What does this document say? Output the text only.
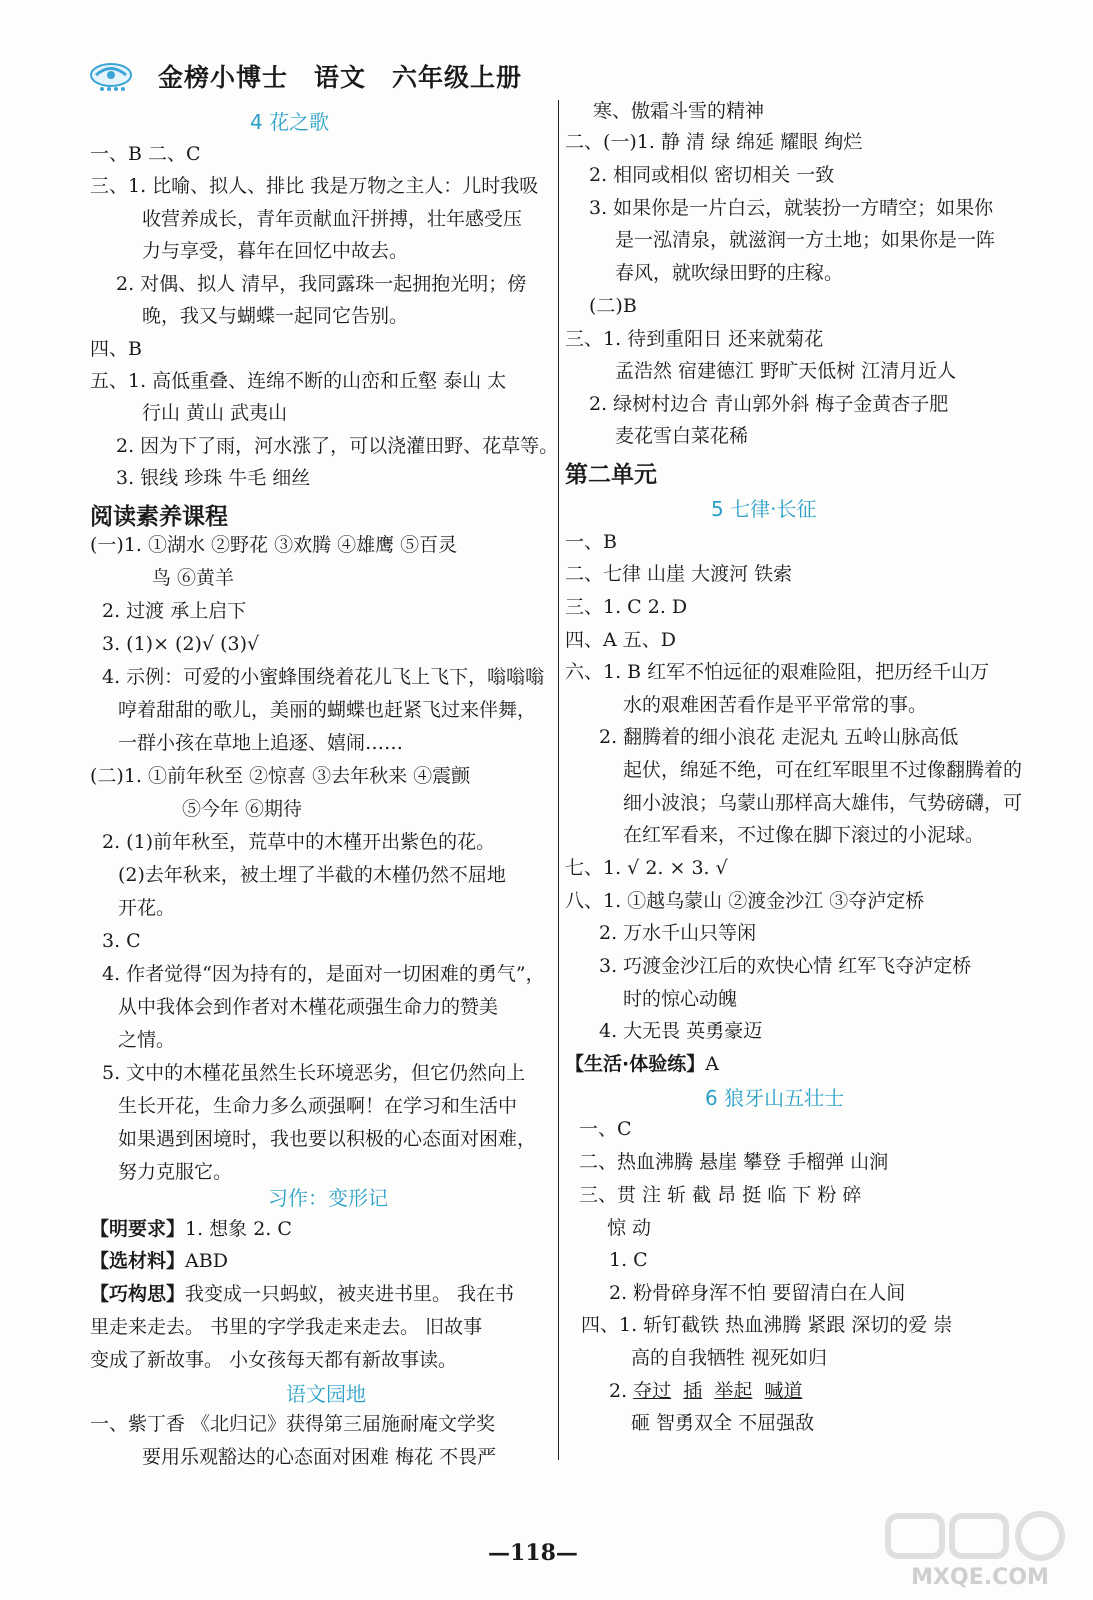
金榜小博士 语文 六年级上册
4 花之歌
一、B 二、C
三、1. 比喻、拟人、排比 我是万物之主人：儿时我吸
收营养成长，青年贡献血汗拼搏，壮年感受压
力与享受，暮年在回忆中故去。
2. 对偶、拟人 清早，我同露珠一起拥抱光明；傍
晚，我又与蝴蝶一起同它告别。
四、B
五、1. 高低重叠、连绵不断的山峦和丘壑 泰山 太
行山 黄山 武夷山
2. 因为下了雨，河水涨了，可以浇灌田野、花草等。
3. 银线 珍珠 牛毛 细丝
阅读素养课程
(一)1. ①湖水 ②野花 ③欢腾 ④雄鹰 ⑤百灵
鸟 ⑥黄羊
2. 过渡 承上启下
3. (1)× (2)√ (3)√
4. 示例：可爱的小蜜蜂围绕着花儿飞上飞下，嗡嗡嗡
哼着甜甜的歌儿，美丽的蝴蝶也赶紧飞过来伴舞，
一群小孩在草地上追逐、嬉闹……
(二)1. ①前年秋至 ②惊喜 ③去年秋来 ④震颤
⑤今年 ⑥期待
2. (1)前年秋至，荒草中的木槿开出紫色的花。
(2)去年秋来，被土埋了半截的木槿仍然不屈地
开花。
3. C
4. 作者觉得“因为持有的，是面对一切困难的勇气”，
从中我体会到作者对木槿花顽强生命力的赞美
之情。
5. 文中的木槿花虽然生长环境恶劣，但它仍然向上
生长开花，生命力多么顽强啊！在学习和生活中
如果遇到困境时，我也要以积极的心态面对困难，
努力克服它。
习作：变形记
【明要求】1. 想象 2. C
【选材料】ABD
【巧构思】我变成一只蚂蚁，被夹进书里。 我在书
里走来走去。 书里的字学我走来走去。 旧故事
变成了新故事。 小女孩每天都有新故事读。
语文园地
一、紫丁香 《北归记》获得第三届施耐庵文学奖
要用乐观豁达的心态面对困难 梅花 不畏严
寒、傲霜斗雪的精神
二、(一)1. 静 清 绿 绵延 耀眼 绚烂
2. 相同或相似 密切相关 一致
3. 如果你是一片白云，就装扮一方晴空；如果你
是一泓清泉，就滋润一方土地；如果你是一阵
春风，就吹绿田野的庄稼。
(二)B
三、1. 待到重阳日 还来就菊花
孟浩然 宿建德江 野旷天低树 江清月近人
2. 绿树村边合 青山郭外斜 梅子金黄杏子肥
麦花雪白菜花稀
第二单元
5 七律·长征
一、B
二、七律 山崖 大渡河 铁索
三、1. C 2. D
四、A 五、D
六、1. B 红军不怕远征的艰难险阻，把历经千山万
水的艰难困苦看作是平平常常的事。
2. 翻腾着的细小浪花 走泥丸 五岭山脉高低
起伏，绵延不绝，可在红军眼里不过像翻腾着的
细小波浪；乌蒙山那样高大雄伟，气势磅礴，可
在红军看来，不过像在脚下滚过的小泥球。
七、1. √ 2. × 3. √
八、1. ①越乌蒙山 ②渡金沙江 ③夺泸定桥
2. 万水千山只等闲
3. 巧渡金沙江后的欢快心情 红军飞夺泸定桥
时的惊心动魄
4. 大无畏 英勇豪迈
【生活·体验练】A
6 狼牙山五壮士
一、C
二、热血沸腾 悬崖 攀登 手榴弹 山涧
三、贯 注 斩 截 昂 挺 临 下 粉 碎
惊 动
1. C
2. 粉骨碎身浑不怕 要留清白在人间
四、1. 斩钉截铁 热血沸腾 紧跟 深切的爱 崇
高的自我牺牲 视死如归
2. 夺过 插 举起 喊道
砸 智勇双全 不屈强敌
—118—
MXQE.COM
